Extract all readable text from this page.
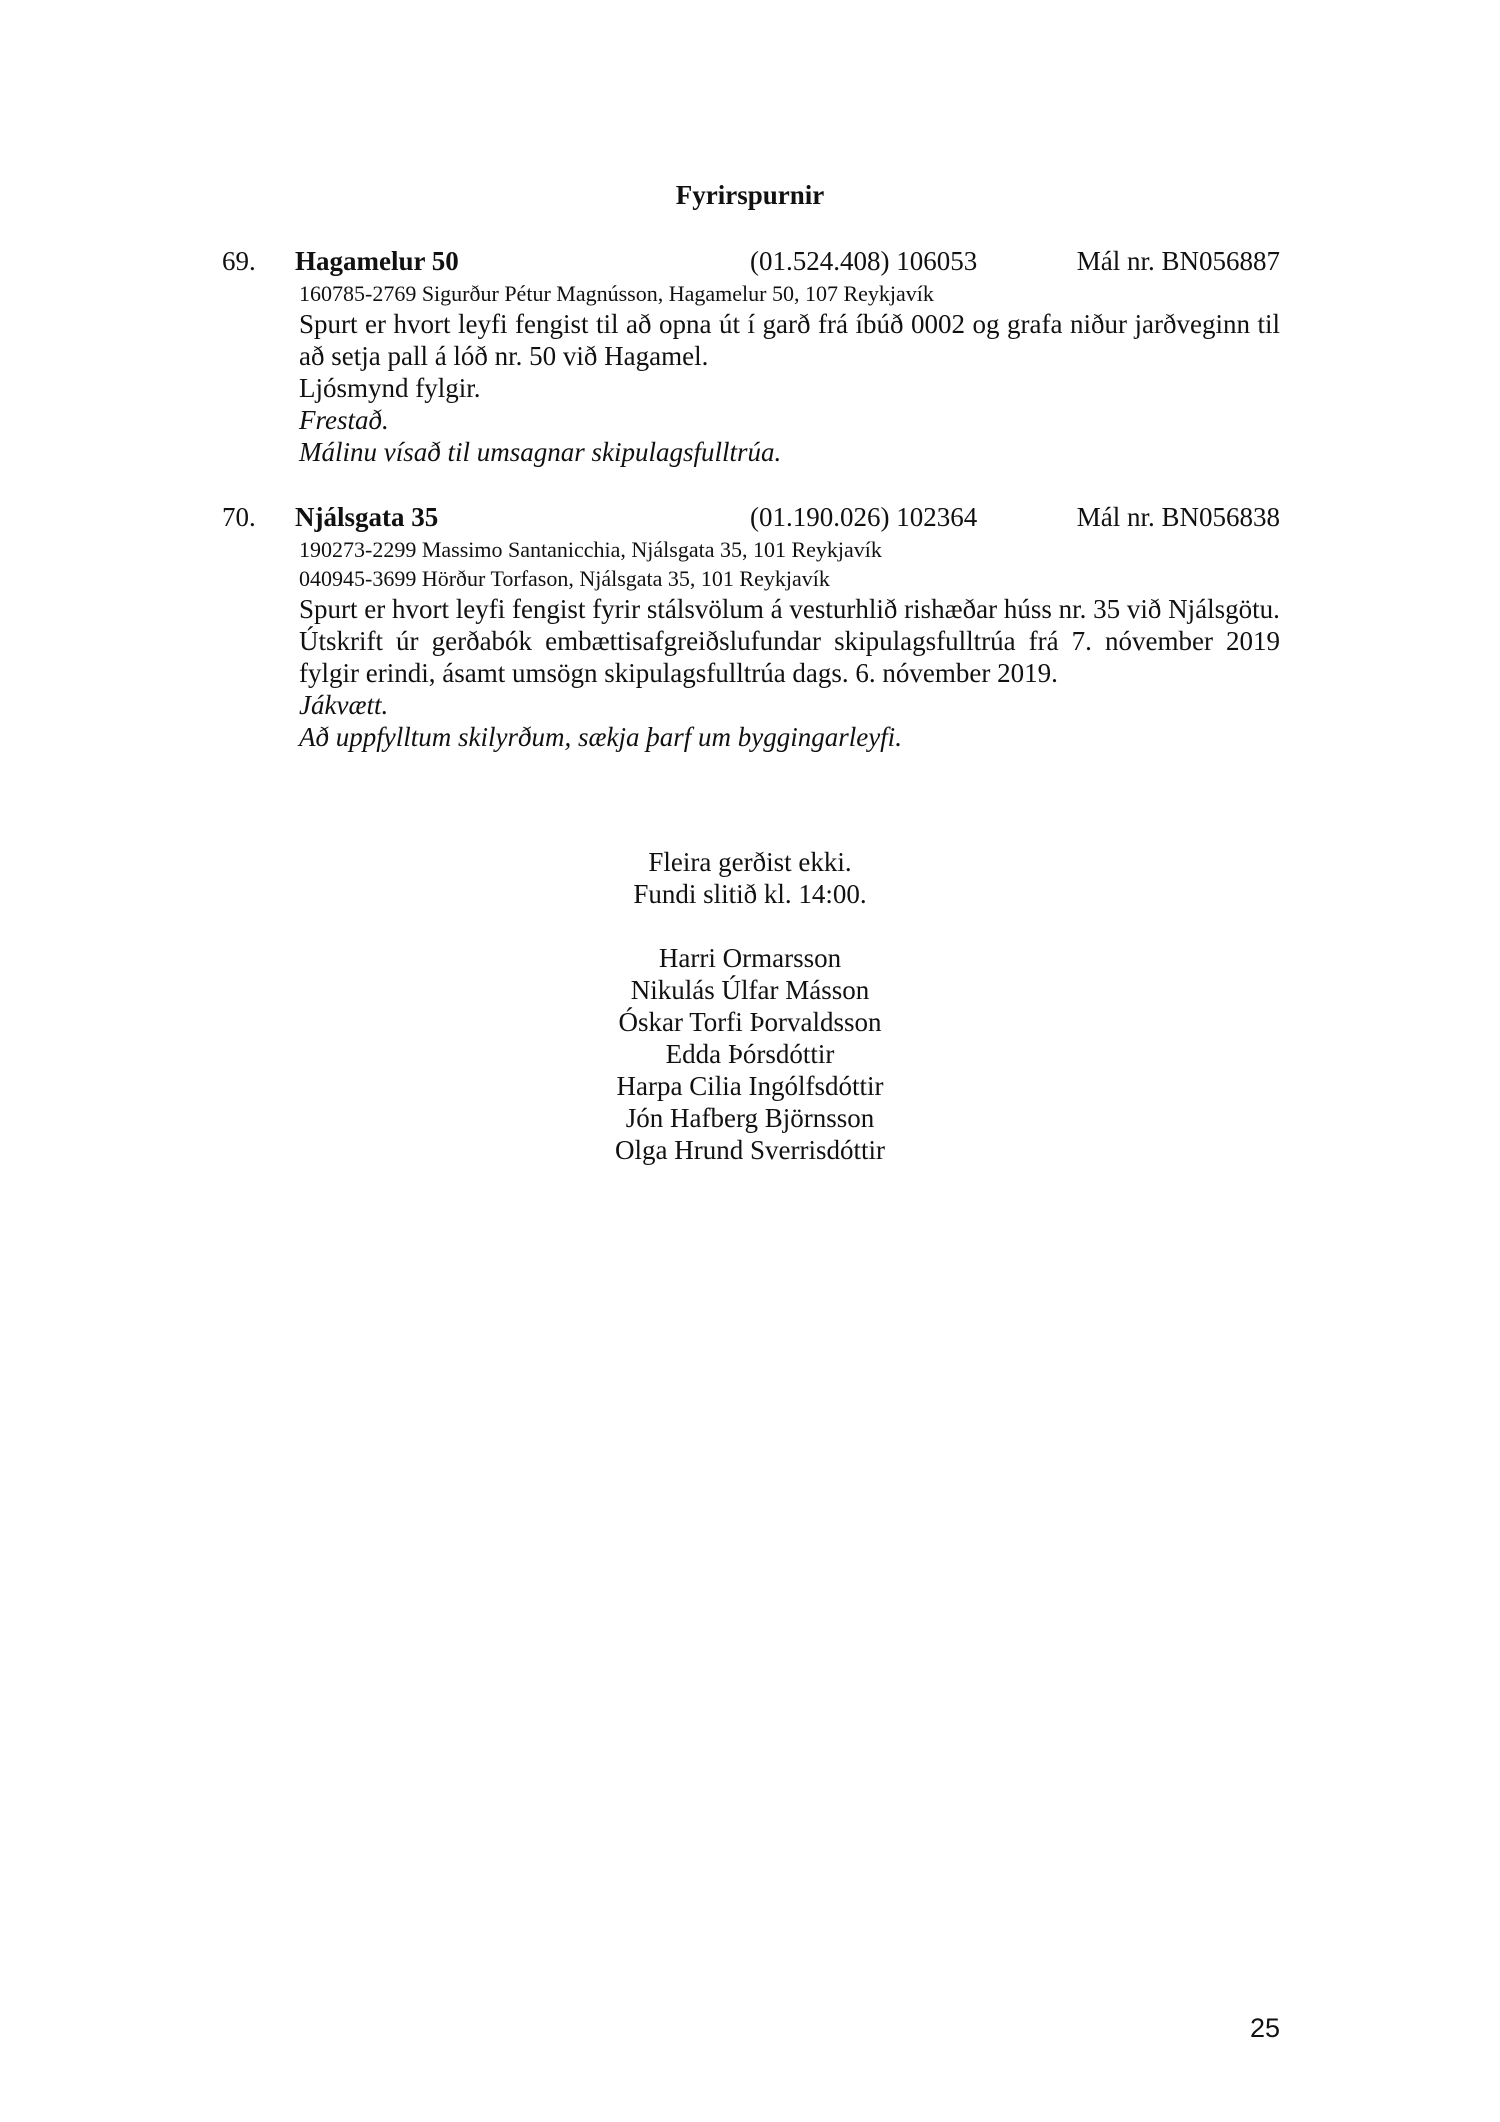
Fyrirspurnir
69. Hagamelur 50	(01.524.408) 106053	Mál nr. BN056887
160785-2769 Sigurður Pétur Magnússon, Hagamelur 50, 107 Reykjavík
Spurt er hvort leyfi fengist til að opna út í garð frá íbúð 0002 og grafa niður jarðveginn til að setja pall á lóð nr. 50 við Hagamel.
Ljósmynd fylgir.
Frestað.
Málinu vísað til umsagnar skipulagsfulltrúa.
70. Njálsgata 35	(01.190.026) 102364	Mál nr. BN056838
190273-2299 Massimo Santanicchia, Njálsgata 35, 101 Reykjavík
040945-3699 Hörður Torfason, Njálsgata 35, 101 Reykjavík
Spurt er hvort leyfi fengist fyrir stálsvölum á vesturhlið rishæðar húss nr. 35 við Njálsgötu.
Útskrift úr gerðabók embættisafgreiðslufundar skipulagsfulltrúa frá 7. nóvember 2019 fylgir erindi, ásamt umsögn skipulagsfulltrúa dags. 6. nóvember 2019.
Jákvætt.
Að uppfylltum skilyrðum, sækja þarf um byggingarleyfi.
Fleira gerðist ekki.
Fundi slitið kl. 14:00.
Harri Ormarsson
Nikulás Úlfar Másson
Óskar Torfi Þorvaldsson
Edda Þórsdóttir
Harpa Cilia Ingólfsdóttir
Jón Hafberg Björnsson
Olga Hrund Sverrisdóttir
25
